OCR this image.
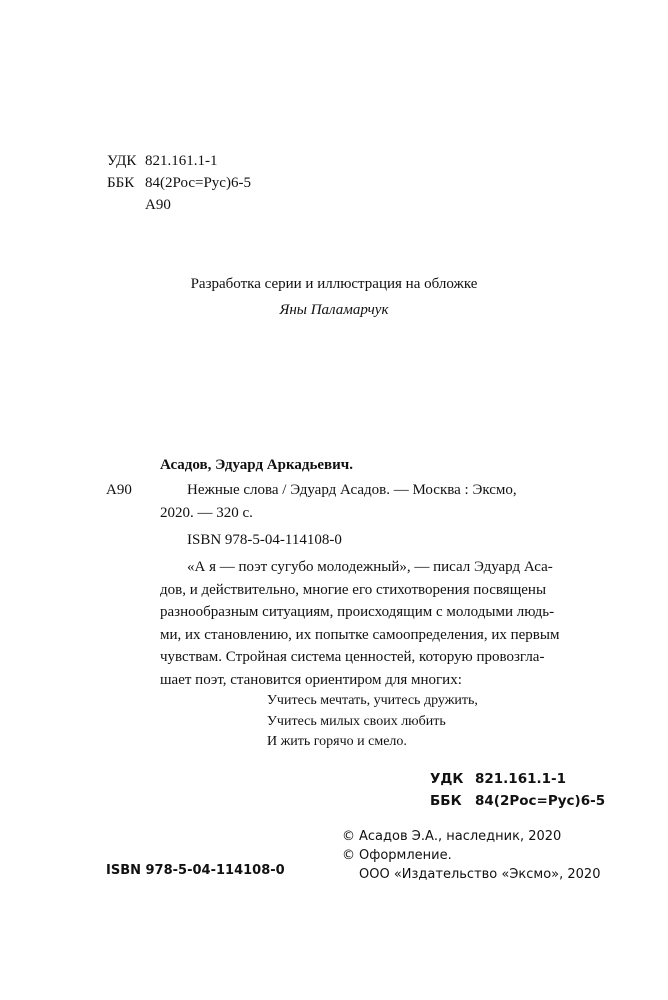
УДК 821.161.1-1
ББК 84(2Рос=Рус)6-5
А90
Разработка серии и иллюстрация на обложке
Яны Паламарчук
Асадов, Эдуард Аркадьевич.
А90	Нежные слова / Эдуард Асадов. — Москва : Эксмо,
2020. — 320 с.
ISBN 978-5-04-114108-0

«А я — поэт сугубо молодежный», — писал Эдуард Аса-

дов, и действительно, многие его стихотворения посвящены

разнообразным ситуациям, происходящим с молодыми людь-

ми, их становлению, их попытке самоопределения, их первым

чувствам. Стройная система ценностей, которую провозгла-

шает поэт, становится ориентиром для многих:

Учитесь мечтать, учитесь дружить,
Учитесь милых своих любить
И жить горячо и смело.
УДК 821.161.1-1
ББК 84(2Рос=Рус)6-5
ISBN 978-5-04-114108-0
© Асадов Э.А., наследник, 2020
© Оформление.
ООО «Издательство «Эксмо», 2020
